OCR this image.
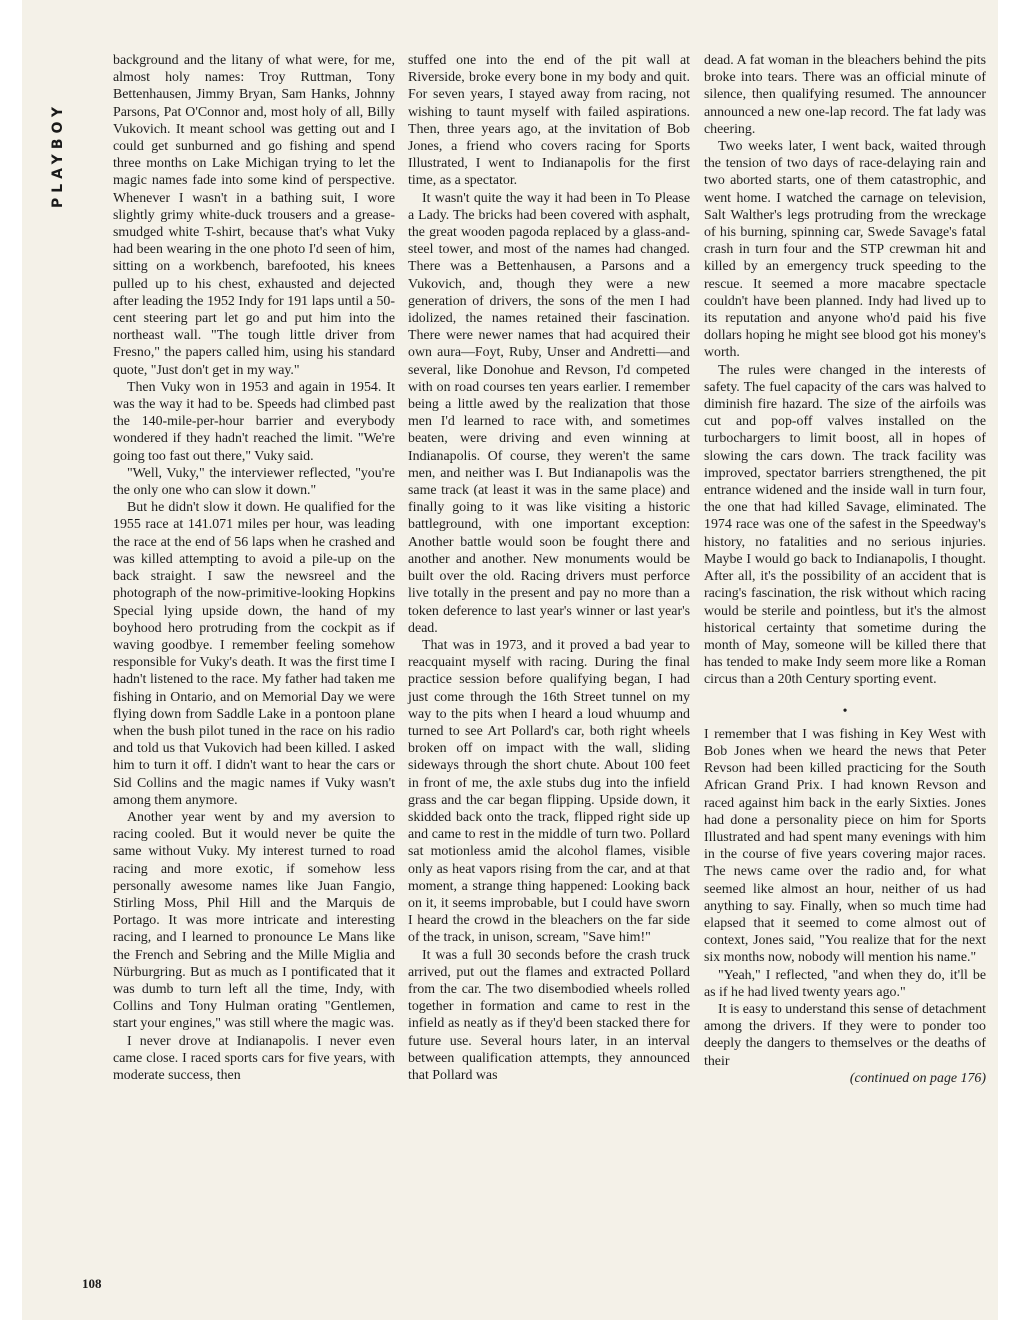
PLAYBOY

background and the litany of what were, for me, almost holy names: Troy Ruttman, Tony Bettenhausen, Jimmy Bryan, Sam Hanks, Johnny Parsons, Pat O'Connor and, most holy of all, Billy Vukovich. It meant school was getting out and I could get sunburned and go fishing and spend three months on Lake Michigan trying to let the magic names fade into some kind of perspective. Whenever I wasn't in a bathing suit, I wore slightly grimy white-duck trousers and a grease-smudged white T-shirt, because that's what Vuky had been wearing in the one photo I'd seen of him, sitting on a workbench, barefooted, his knees pulled up to his chest, exhausted and dejected after leading the 1952 Indy for 191 laps until a 50-cent steering part let go and put him into the northeast wall. "The tough little driver from Fresno," the papers called him, using his standard quote, "Just don't get in my way."

Then Vuky won in 1953 and again in 1954. It was the way it had to be. Speeds had climbed past the 140-mile-per-hour barrier and everybody wondered if they hadn't reached the limit. "We're going too fast out there," Vuky said.

"Well, Vuky," the interviewer reflected, "you're the only one who can slow it down."

But he didn't slow it down. He qualified for the 1955 race at 141.071 miles per hour, was leading the race at the end of 56 laps when he crashed and was killed attempting to avoid a pile-up on the back straight. I saw the newsreel and the photograph of the now-primitive-looking Hopkins Special lying upside down, the hand of my boyhood hero protruding from the cockpit as if waving goodbye. I remember feeling somehow responsible for Vuky's death. It was the first time I hadn't listened to the race. My father had taken me fishing in Ontario, and on Memorial Day we were flying down from Saddle Lake in a pontoon plane when the bush pilot tuned in the race on his radio and told us that Vukovich had been killed. I asked him to turn it off. I didn't want to hear the cars or Sid Collins and the magic names if Vuky wasn't among them anymore.

Another year went by and my aversion to racing cooled. But it would never be quite the same without Vuky. My interest turned to road racing and more exotic, if somehow less personally awesome names like Juan Fangio, Stirling Moss, Phil Hill and the Marquis de Portago. It was more intricate and interesting racing, and I learned to pronounce Le Mans like the French and Sebring and the Mille Miglia and Nürburgring. But as much as I pontificated that it was dumb to turn left all the time, Indy, with Collins and Tony Hulman orating "Gentlemen, start your engines," was still where the magic was.

I never drove at Indianapolis. I never even came close. I raced sports cars for five years, with moderate success, then

stuffed one into the end of the pit wall at Riverside, broke every bone in my body and quit. For seven years, I stayed away from racing, not wishing to taunt myself with failed aspirations. Then, three years ago, at the invitation of Bob Jones, a friend who covers racing for Sports Illustrated, I went to Indianapolis for the first time, as a spectator.

It wasn't quite the way it had been in To Please a Lady. The bricks had been covered with asphalt, the great wooden pagoda replaced by a glass-and-steel tower, and most of the names had changed. There was a Bettenhausen, a Parsons and a Vukovich, and, though they were a new generation of drivers, the sons of the men I had idolized, the names retained their fascination. There were newer names that had acquired their own aura—Foyt, Ruby, Unser and Andretti—and several, like Donohue and Revson, I'd competed with on road courses ten years earlier. I remember being a little awed by the realization that those men I'd learned to race with, and sometimes beaten, were driving and even winning at Indianapolis. Of course, they weren't the same men, and neither was I. But Indianapolis was the same track (at least it was in the same place) and finally going to it was like visiting a historic battleground, with one important exception: Another battle would soon be fought there and another and another. New monuments would be built over the old. Racing drivers must perforce live totally in the present and pay no more than a token deference to last year's winner or last year's dead.

That was in 1973, and it proved a bad year to reacquaint myself with racing. During the final practice session before qualifying began, I had just come through the 16th Street tunnel on my way to the pits when I heard a loud whuump and turned to see Art Pollard's car, both right wheels broken off on impact with the wall, sliding sideways through the short chute. About 100 feet in front of me, the axle stubs dug into the infield grass and the car began flipping. Upside down, it skidded back onto the track, flipped right side up and came to rest in the middle of turn two. Pollard sat motionless amid the alcohol flames, visible only as heat vapors rising from the car, and at that moment, a strange thing happened: Looking back on it, it seems improbable, but I could have sworn I heard the crowd in the bleachers on the far side of the track, in unison, scream, "Save him!"

It was a full 30 seconds before the crash truck arrived, put out the flames and extracted Pollard from the car. The two disembodied wheels rolled together in formation and came to rest in the infield as neatly as if they'd been stacked there for future use. Several hours later, in an interval between qualification attempts, they announced that Pollard was

dead. A fat woman in the bleachers behind the pits broke into tears. There was an official minute of silence, then qualifying resumed. The announcer announced a new one-lap record. The fat lady was cheering.

Two weeks later, I went back, waited through the tension of two days of race-delaying rain and two aborted starts, one of them catastrophic, and went home. I watched the carnage on television, Salt Walther's legs protruding from the wreckage of his burning, spinning car, Swede Savage's fatal crash in turn four and the STP crewman hit and killed by an emergency truck speeding to the rescue. It seemed a more macabre spectacle couldn't have been planned. Indy had lived up to its reputation and anyone who'd paid his five dollars hoping he might see blood got his money's worth.

The rules were changed in the interests of safety. The fuel capacity of the cars was halved to diminish fire hazard. The size of the airfoils was cut and pop-off valves installed on the turbochargers to limit boost, all in hopes of slowing the cars down. The track facility was improved, spectator barriers strengthened, the pit entrance widened and the inside wall in turn four, the one that had killed Savage, eliminated. The 1974 race was one of the safest in the Speedway's history, no fatalities and no serious injuries. Maybe I would go back to Indianapolis, I thought. After all, it's the possibility of an accident that is racing's fascination, the risk without which racing would be sterile and pointless, but it's the almost historical certainty that sometime during the month of May, someone will be killed there that has tended to make Indy seem more like a Roman circus than a 20th Century sporting event.

•

I remember that I was fishing in Key West with Bob Jones when we heard the news that Peter Revson had been killed practicing for the South African Grand Prix. I had known Revson and raced against him back in the early Sixties. Jones had done a personality piece on him for Sports Illustrated and had spent many evenings with him in the course of five years covering major races. The news came over the radio and, for what seemed like almost an hour, neither of us had anything to say. Finally, when so much time had elapsed that it seemed to come almost out of context, Jones said, "You realize that for the next six months now, nobody will mention his name."

"Yeah," I reflected, "and when they do, it'll be as if he had lived twenty years ago."

It is easy to understand this sense of detachment among the drivers. If they were to ponder too deeply the dangers to themselves or the deaths of their

(continued on page 176)

108
